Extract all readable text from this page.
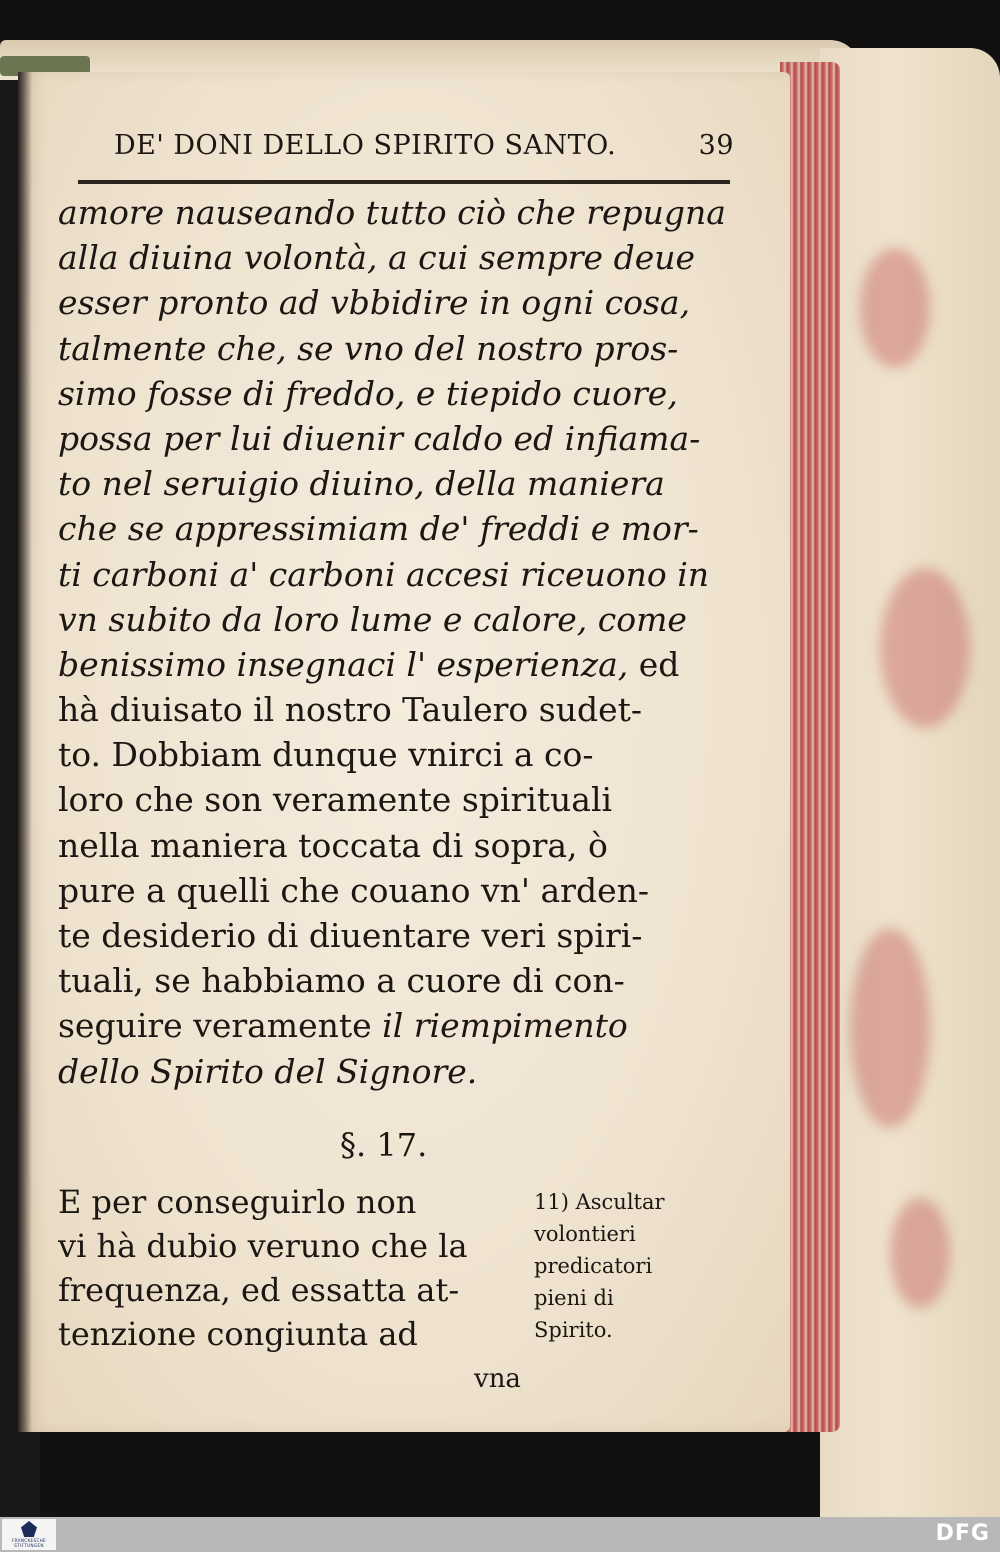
DE' DONI DELLO SPIRITO SANTO.	39
amore nauseando tutto ciò che repugna
alla diuina volontà, a cui sempre deue
esser pronto ad vbbidire in ogni cosa,
talmente che, se vno del nostro pros-
simo fosse di freddo, e tiepido cuore,
possa per lui diuenir caldo ed infiama-
to nel seruigio diuino, della maniera
che se appressimiam de' freddi e mor-
ti carboni a' carboni accesi riceuono in
vn subito da loro lume e calore, come
benissimo insegnaci l' esperienza, ed
hà diuisato il nostro Taulero sudet-
to. Dobbiam dunque vnirci a co-
loro che son veramente spirituali
nella maniera toccata di sopra, ò
pure a quelli che couano vn' arden-
te desiderio di diuentare veri spiri-
tuali, se habbiamo a cuore di con-
seguire veramente il riempimento
dello Spirito del Signore.
§. 17.
E per conseguirlo non
vi hà dubio veruno che la
frequenza, ed essatta at-
tenzione congiunta ad
11) Ascultar
volontieri
predicatori
pieni di
Spirito.
vna
FRANCKESCHE
STIFTUNGEN	DFG
